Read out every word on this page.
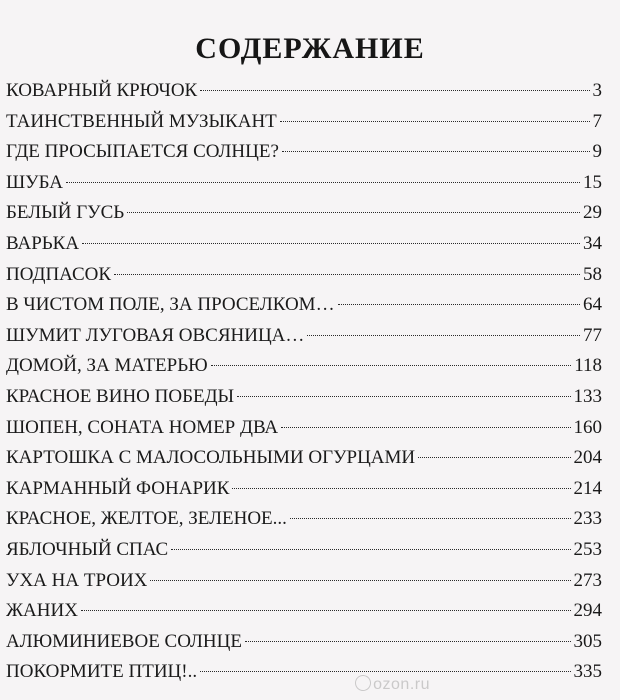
СОДЕРЖАНИЕ
КОВАРНЫЙ КРЮЧОК	3
ТАИНСТВЕННЫЙ МУЗЫКАНТ	7
ГДЕ ПРОСЫПАЕТСЯ СОЛНЦЕ?	9
ШУБА	15
БЕЛЫЙ ГУСЬ	29
ВАРЬКА	34
ПОДПАСОК	58
В ЧИСТОМ ПОЛЕ, ЗА ПРОСЕЛКОМ…	64
ШУМИТ ЛУГОВАЯ ОВСЯНИЦА…	77
ДОМОЙ, ЗА МАТЕРЬЮ	118
КРАСНОЕ ВИНО ПОБЕДЫ	133
ШОПЕН, СОНАТА НОМЕР ДВА	160
КАРТОШКА С МАЛОСОЛЬНЫМИ ОГУРЦАМИ	204
КАРМАННЫЙ ФОНАРИК	214
КРАСНОЕ, ЖЕЛТОЕ, ЗЕЛЕНОЕ...	233
ЯБЛОЧНЫЙ СПАС	253
УХА НА ТРОИХ	273
ЖАНИХ	294
АЛЮМИНИЕВОЕ СОЛНЦЕ	305
ПОКОРМИТЕ ПТИЦ!..	335
ozon.ru
